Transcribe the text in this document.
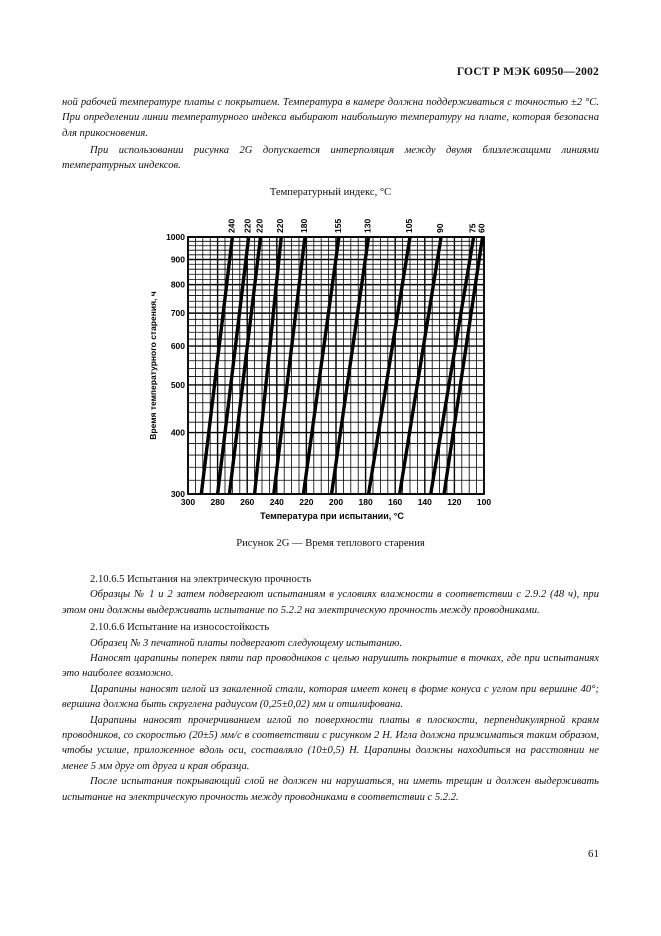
ГОСТ Р МЭК 60950—2002

ной рабочей температуре платы с покрытием. Температура в камере должна поддерживаться с точностью ±2 °С. При определении линии температурного индекса выбирают наибольшую температуру на плате, которая безопасна для прикосновения.

При использовании рисунка 2G допускается интерполяция между двумя близлежащими линиями температурных индексов.

Температурный индекс, °С
240 220 220 220 180	155 130	105 90	75
60
300 280 260 240 220 200 180 160 140 120 100
300
400
500
600
700
800
900
1000
Температура при испытании, °С
Время температурного старения, ч
Рисунок 2G — Время теплового старения

2.10.6.5 Испытания на электрическую прочность

Образцы № 1 и 2 затем подвергают испытаниям в условиях влажности в соответствии с 2.9.2 (48 ч), при этом они должны выдерживать испытание по 5.2.2 на электрическую прочность между проводниками.

2.10.6.6 Испытание на износостойкость

Образец № 3 печатной платы подвергают следующему испытанию.

Наносят царапины поперек пяти пар проводников с целью нарушить покрытие в точках, где при испытаниях это наиболее возможно.

Царапины наносят иглой из закаленной стали, которая имеет конец в форме конуса с углом при вершине 40°; вершина должна быть скруглена радиусом (0,25±0,02) мм и отшлифована.

Царапины наносят прочерчиванием иглой по поверхности платы в плоскости, перпендикулярной краям проводников, со скоростью (20±5) мм/с в соответствии с рисунком 2 Н. Игла должна прижиматься таким образом, чтобы усилие, приложенное вдоль оси, составляло (10±0,5) Н. Царапины должны находиться на расстоянии не менее 5 мм друг от друга и края образца.

После испытания покрывающий слой не должен ни нарушаться, ни иметь трещин и должен выдерживать испытание на электрическую прочность между проводниками в соответствии с 5.2.2.

61
